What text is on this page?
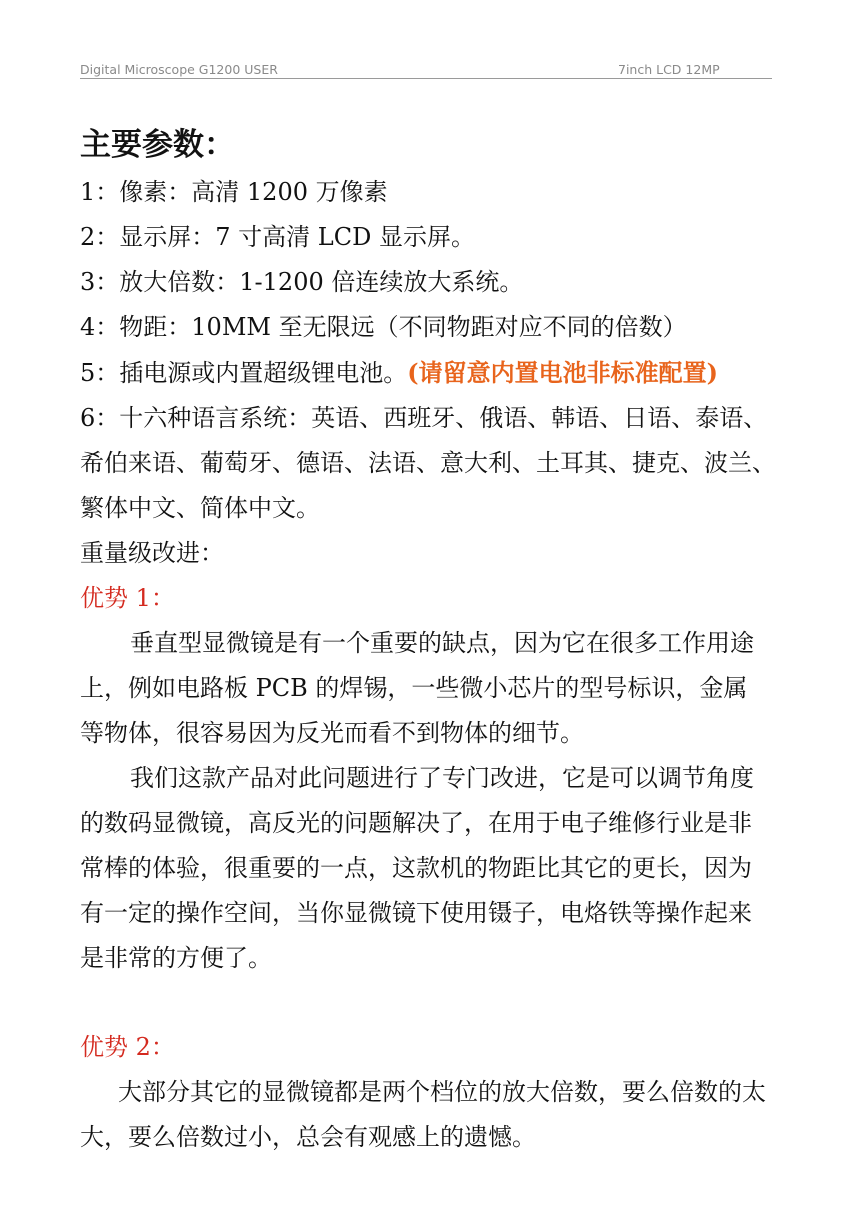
Digital Microscope G1200 USER	7inch LCD 12MP
主要参数：

1：像素：高清 1200 万像素

2：显示屏：7 寸高清 LCD 显示屏。

3：放大倍数：1-1200 倍连续放大系统。

4：物距：10MM 至无限远（不同物距对应不同的倍数）

5：插电源或内置超级锂电池。(请留意内置电池非标准配置)

6：十六种语言系统：英语、西班牙、俄语、韩语、日语、泰语、希伯来语、葡萄牙、德语、法语、意大利、土耳其、捷克、波兰、繁体中文、简体中文。

重量级改进：

优势 1：

垂直型显微镜是有一个重要的缺点，因为它在很多工作用途上，例如电路板 PCB 的焊锡，一些微小芯片的型号标识，金属等物体，很容易因为反光而看不到物体的细节。

我们这款产品对此问题进行了专门改进，它是可以调节角度的数码显微镜，高反光的问题解决了，在用于电子维修行业是非常棒的体验，很重要的一点，这款机的物距比其它的更长，因为有一定的操作空间，当你显微镜下使用镊子，电烙铁等操作起来是非常的方便了。

优势 2：

大部分其它的显微镜都是两个档位的放大倍数，要么倍数的太大，要么倍数过小，总会有观感上的遗憾。
